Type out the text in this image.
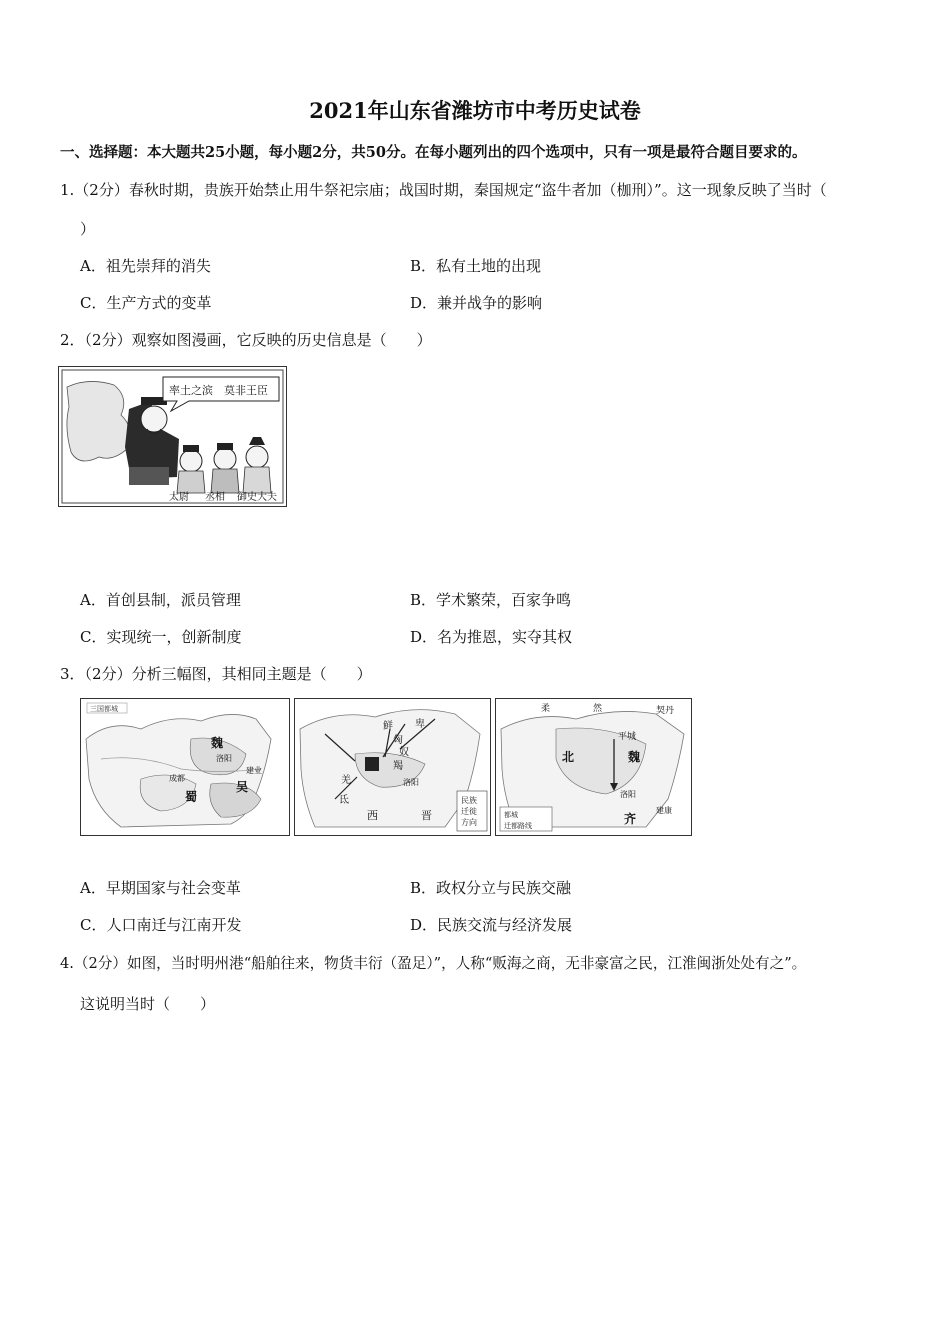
2021年山东省潍坊市中考历史试卷
一、选择题：本大题共25小题，每小题2分，共50分。在每小题列出的四个选项中，只有一项是最符合题目要求的。
1.（2分）春秋时期，贵族开始禁止用牛祭祀宗庙；战国时期，秦国规定“盗牛者加（枷刑）”。这一现象反映了当时（
）
A．祖先崇拜的消失	B．私有土地的出现
C．生产方式的变革	D．兼并战争的影响
2．（2分）观察如图漫画，它反映的历史信息是（　　）
率土之滨　莫非王臣
太尉 丞相 御史大夫
A．首创县制，派员管理	B．学术繁荣，百家争鸣
C．实现统一，创新制度	D．名为推恩，实夺其权
3．（2分）分析三幅图，其相同主题是（　　）
三国都城
魏
洛阳
成都
吴
蜀
建业
鲜 卑
匈
奴
羯
羌
氐
洛阳
西	晋
民族
迁徙
方向
柔	然	契丹
北
平城
魏
洛阳
齐
建康
都城
迁都路线
A．早期国家与社会变革	B．政权分立与民族交融
C．人口南迁与江南开发	D．民族交流与经济发展
4.（2分）如图，当时明州港“船舶往来，物货丰衍（盈足）”，人称“贩海之商，无非豪富之民，江淮闽浙处处有之”。
这说明当时（　　）
